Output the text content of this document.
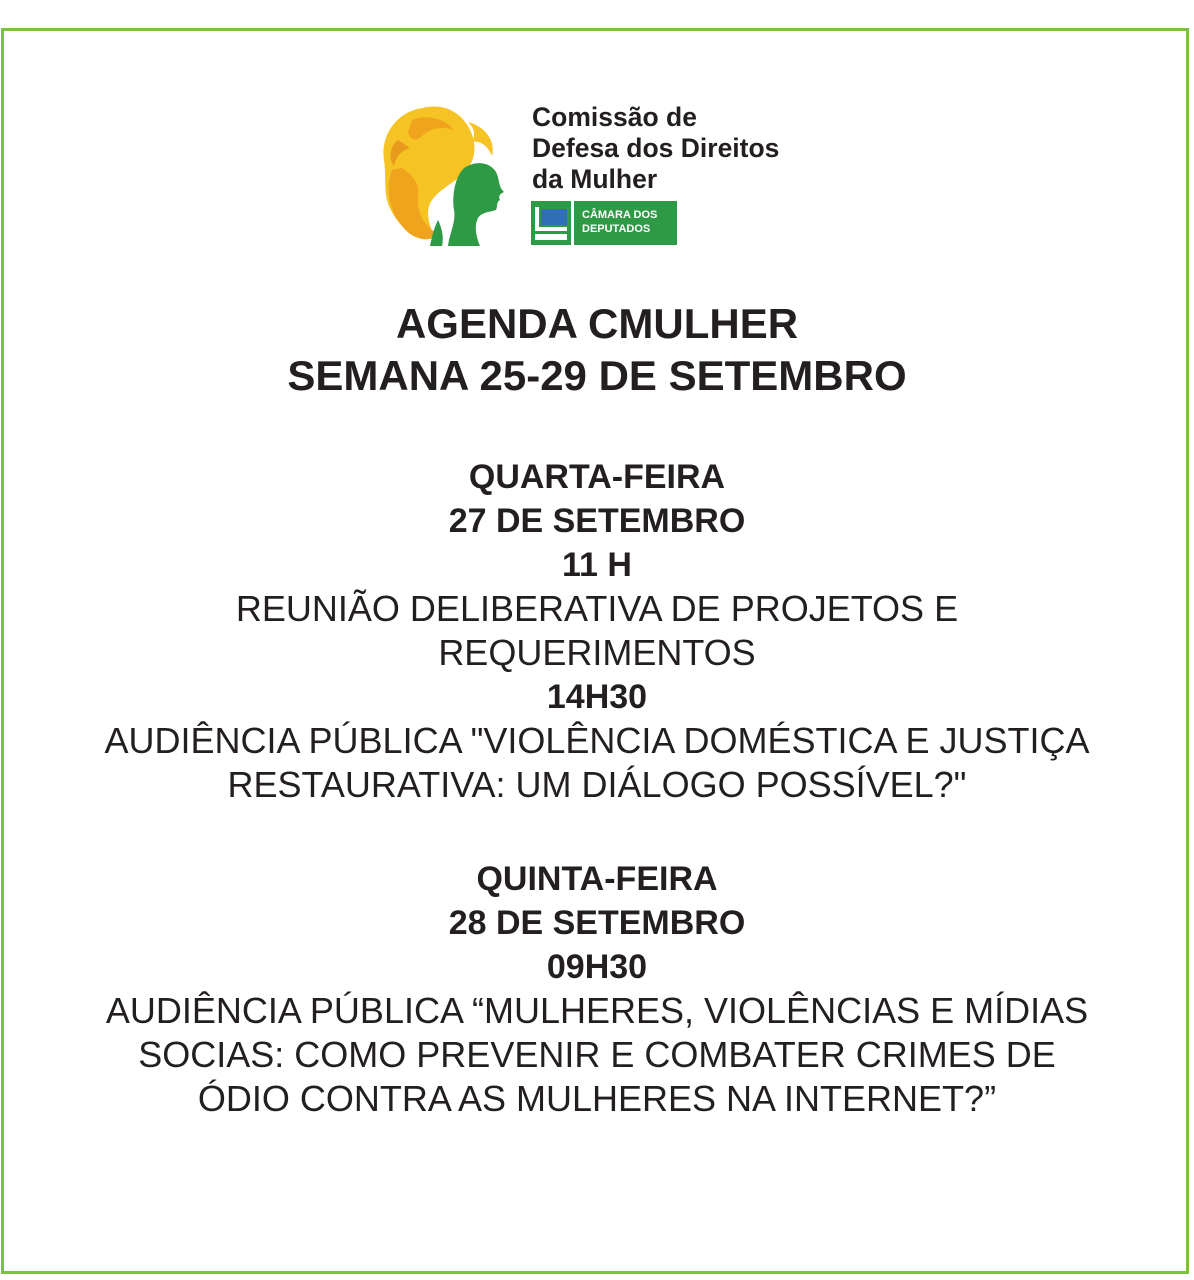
Comissão de
Defesa dos Direitos
da Mulher
CÂMARA DOS
DEPUTADOS
AGENDA CMULHER
SEMANA 25-29 DE SETEMBRO
QUARTA-FEIRA
27 DE SETEMBRO
11 H
REUNIÃO DELIBERATIVA DE PROJETOS E
REQUERIMENTOS
14H30
AUDIÊNCIA PÚBLICA "VIOLÊNCIA DOMÉSTICA E JUSTIÇA
RESTAURATIVA: UM DIÁLOGO POSSÍVEL?"
QUINTA-FEIRA
28 DE SETEMBRO
09H30
AUDIÊNCIA PÚBLICA “MULHERES, VIOLÊNCIAS E MÍDIAS
SOCIAS: COMO PREVENIR E COMBATER CRIMES DE
ÓDIO CONTRA AS MULHERES NA INTERNET?”
